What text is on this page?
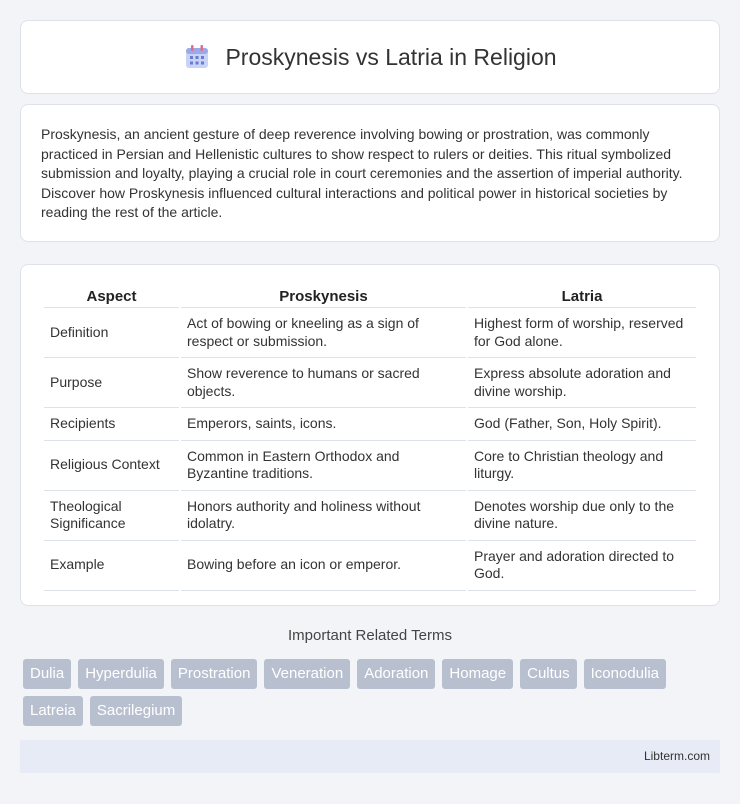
Proskynesis vs Latria in Religion

Proskynesis, an ancient gesture of deep reverence involving bowing or prostration, was commonly practiced in Persian and Hellenistic cultures to show respect to rulers or deities. This ritual symbolized submission and loyalty, playing a crucial role in court ceremonies and the assertion of imperial authority. Discover how Proskynesis influenced cultural interactions and political power in historical societies by reading the rest of the article.

Aspect	Proskynesis	Latria
Definition	Act of bowing or kneeling as a sign of respect or submission.	Highest form of worship, reserved for God alone.
Purpose	Show reverence to humans or sacred objects.	Express absolute adoration and divine worship.
Recipients	Emperors, saints, icons.	God (Father, Son, Holy Spirit).
Religious Context	Common in Eastern Orthodox and Byzantine traditions.	Core to Christian theology and liturgy.
Theological Significance	Honors authority and holiness without idolatry.	Denotes worship due only to the divine nature.
Example	Bowing before an icon or emperor.	Prayer and adoration directed to God.
Important Related Terms
Dulia	Hyperdulia	Prostration	Veneration	Adoration	Homage	Cultus	Iconodulia
Latreia	Sacrilegium
Libterm.com
